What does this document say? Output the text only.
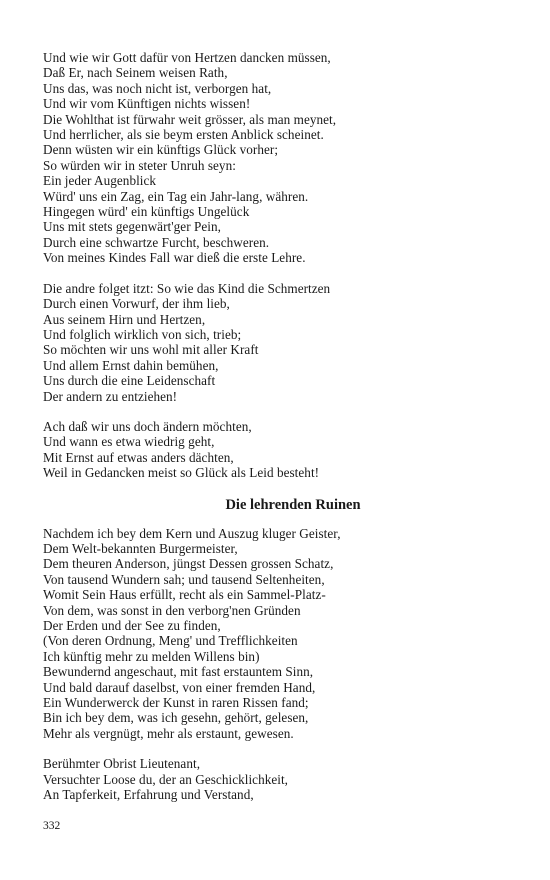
Und wie wir Gott dafür von Hertzen dancken müssen,
Daß Er, nach Seinem weisen Rath,
Uns das, was noch nicht ist, verborgen hat,
Und wir vom Künftigen nichts wissen!
Die Wohlthat ist fürwahr weit grösser, als man meynet,
Und herrlicher, als sie beym ersten Anblick scheinet.
Denn wüsten wir ein künftigs Glück vorher;
So würden wir in steter Unruh seyn:
Ein jeder Augenblick
Würd' uns ein Zag, ein Tag ein Jahr-lang, währen.
Hingegen würd' ein künftigs Ungelück
Uns mit stets gegenwärt'ger Pein,
Durch eine schwartze Furcht, beschweren.
Von meines Kindes Fall war dieß die erste Lehre.
Die andre folget itzt: So wie das Kind die Schmertzen
Durch einen Vorwurf, der ihm lieb,
Aus seinem Hirn und Hertzen,
Und folglich wirklich von sich, trieb;
So möchten wir uns wohl mit aller Kraft
Und allem Ernst dahin bemühen,
Uns durch die eine Leidenschaft
Der andern zu entziehen!
Ach daß wir uns doch ändern möchten,
Und wann es etwa wiedrig geht,
Mit Ernst auf etwas anders dächten,
Weil in Gedancken meist so Glück als Leid besteht!
Die lehrenden Ruinen
Nachdem ich bey dem Kern und Auszug kluger Geister,
Dem Welt-bekannten Burgermeister,
Dem theuren Anderson, jüngst Dessen grossen Schatz,
Von tausend Wundern sah; und tausend Seltenheiten,
Womit Sein Haus erfüllt, recht als ein Sammel-Platz-
Von dem, was sonst in den verborg'nen Gründen
Der Erden und der See zu finden,
(Von deren Ordnung, Meng' und Trefflichkeiten
Ich künftig mehr zu melden Willens bin)
Bewundernd angeschaut, mit fast erstauntem Sinn,
Und bald darauf daselbst, von einer fremden Hand,
Ein Wunderwerck der Kunst in raren Rissen fand;
Bin ich bey dem, was ich gesehn, gehört, gelesen,
Mehr als vergnügt, mehr als erstaunt, gewesen.
Berühmter Obrist Lieutenant,
Versuchter Loose du, der an Geschicklichkeit,
An Tapferkeit, Erfahrung und Verstand,
332
